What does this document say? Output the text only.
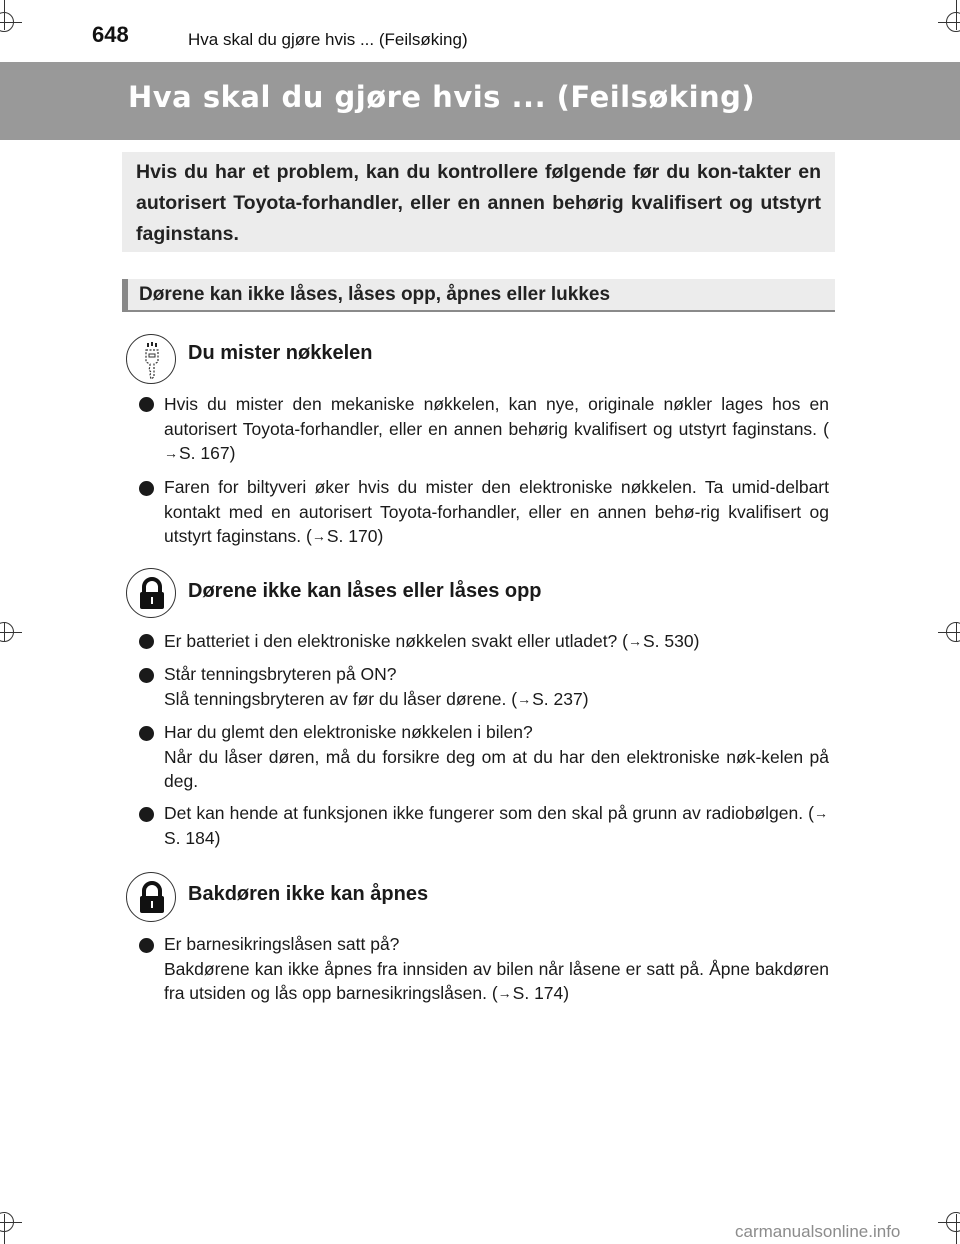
648	Hva skal du gjøre hvis ... (Feilsøking)
Hva skal du gjøre hvis ... (Feilsøking)

Hvis du har et problem, kan du kontrollere følgende før du kon-takter en autorisert Toyota-forhandler, eller en annen behørig kvalifisert og utstyrt faginstans.

Dørene kan ikke låses, låses opp, åpnes eller lukkes
Du mister nøkkelen
Hvis du mister den mekaniske nøkkelen, kan nye, originale nøkler lages hos en autorisert Toyota-forhandler, eller en annen behørig kvalifisert og utstyrt faginstans. (→S. 167)
Faren for biltyveri øker hvis du mister den elektroniske nøkkelen. Ta umid-delbart kontakt med en autorisert Toyota-forhandler, eller en annen behø-rig kvalifisert og utstyrt faginstans. (→S. 170)
Dørene ikke kan låses eller låses opp
Er batteriet i den elektroniske nøkkelen svakt eller utladet? (→S. 530)
Står tenningsbryteren på ON?
Slå tenningsbryteren av før du låser dørene. (→S. 237)
Har du glemt den elektroniske nøkkelen i bilen?
Når du låser døren, må du forsikre deg om at du har den elektroniske nøk-kelen på deg.
Det kan hende at funksjonen ikke fungerer som den skal på grunn av radiobølgen. (→S. 184)
Bakdøren ikke kan åpnes
Er barnesikringslåsen satt på?
Bakdørene kan ikke åpnes fra innsiden av bilen når låsene er satt på. Åpne bakdøren fra utsiden og lås opp barnesikringslåsen. (→S. 174)
carmanualsonline.info
